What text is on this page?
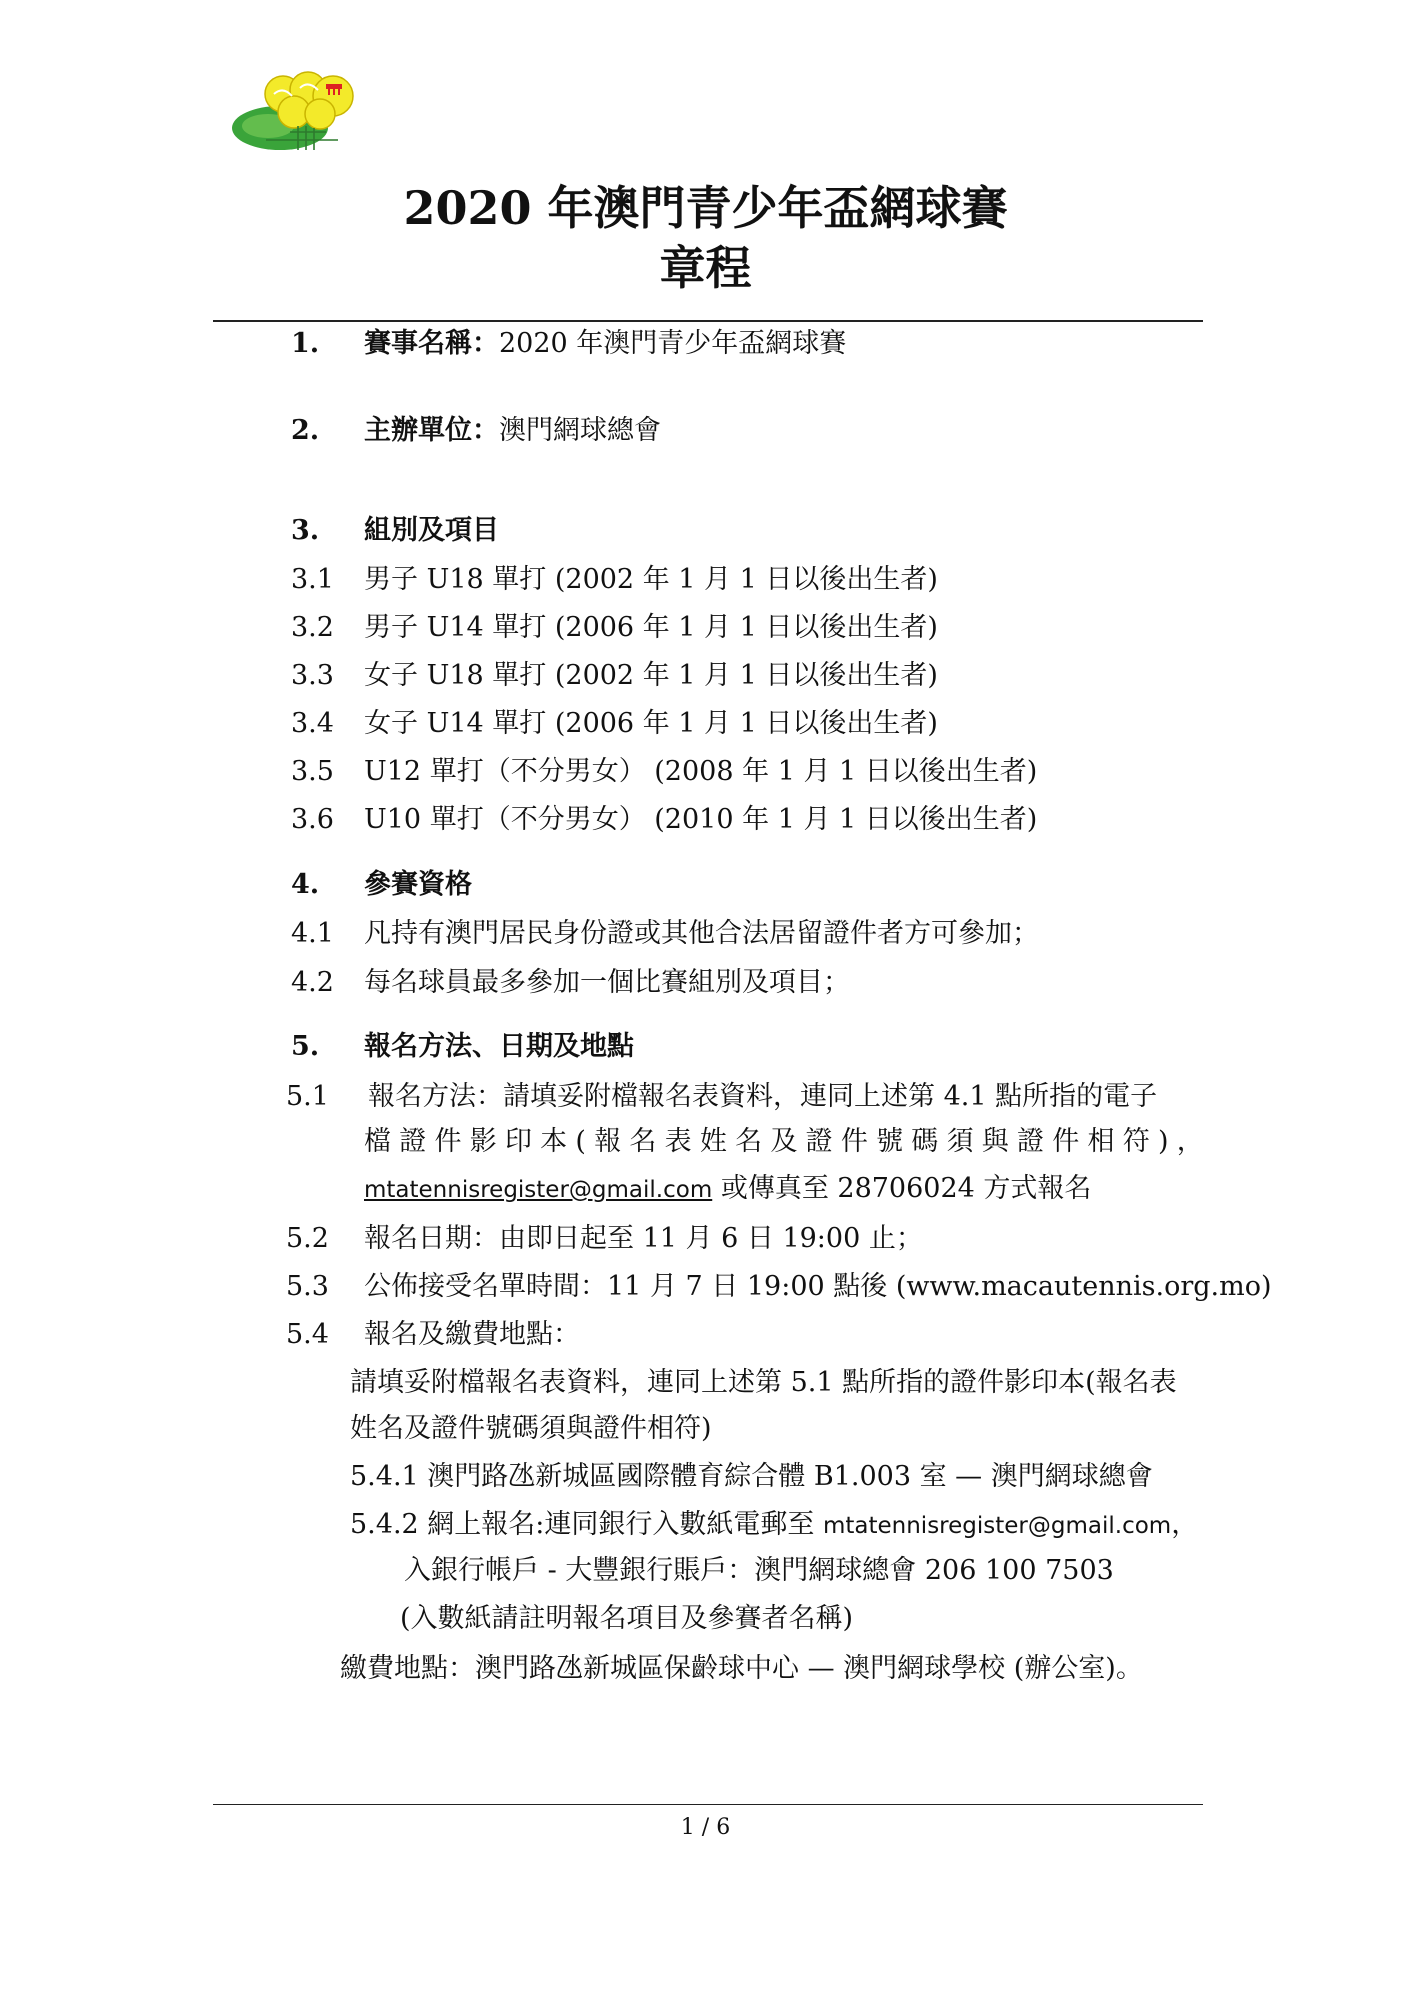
2020 年澳門青少年盃網球賽
章程
1. 賽事名稱：2020 年澳門青少年盃網球賽
2. 主辦單位：澳門網球總會
3. 組別及項目
3.1 男子 U18 單打 (2002 年 1 月 1 日以後出生者)
3.2 男子 U14 單打 (2006 年 1 月 1 日以後出生者)
3.3 女子 U18 單打 (2002 年 1 月 1 日以後出生者)
3.4 女子 U14 單打 (2006 年 1 月 1 日以後出生者)
3.5 U12 單打（不分男女） (2008 年 1 月 1 日以後出生者)
3.6 U10 單打（不分男女） (2010 年 1 月 1 日以後出生者)
4. 參賽資格
4.1 凡持有澳門居民身份證或其他合法居留證件者方可參加；
4.2 每名球員最多參加一個比賽組別及項目；
5. 報名方法、日期及地點
5.1 報名方法：請填妥附檔報名表資料，連同上述第 4.1 點所指的電子
檔 證 件 影 印 本 ( 報 名 表 姓 名 及 證 件 號 碼 須 與 證 件 相 符 ) ，
mtatennisregister@gmail.com 或傳真至 28706024 方式報名
5.2 報名日期：由即日起至 11 月 6 日 19:00 止；
5.3 公佈接受名單時間：11 月 7 日 19:00 點後 (www.macautennis.org.mo)
5.4 報名及繳費地點：
請填妥附檔報名表資料，連同上述第 5.1 點所指的證件影印本(報名表
姓名及證件號碼須與證件相符)
5.4.1 澳門路氹新城區國際體育綜合體 B1.003 室 — 澳門網球總會
5.4.2 網上報名:連同銀行入數紙電郵至 mtatennisregister@gmail.com，
入銀行帳戶 - 大豐銀行賬戶：澳門網球總會 206 100 7503
(入數紙請註明報名項目及參賽者名稱)
繳費地點：澳門路氹新城區保齡球中心 — 澳門網球學校 (辦公室)。
1 / 6
